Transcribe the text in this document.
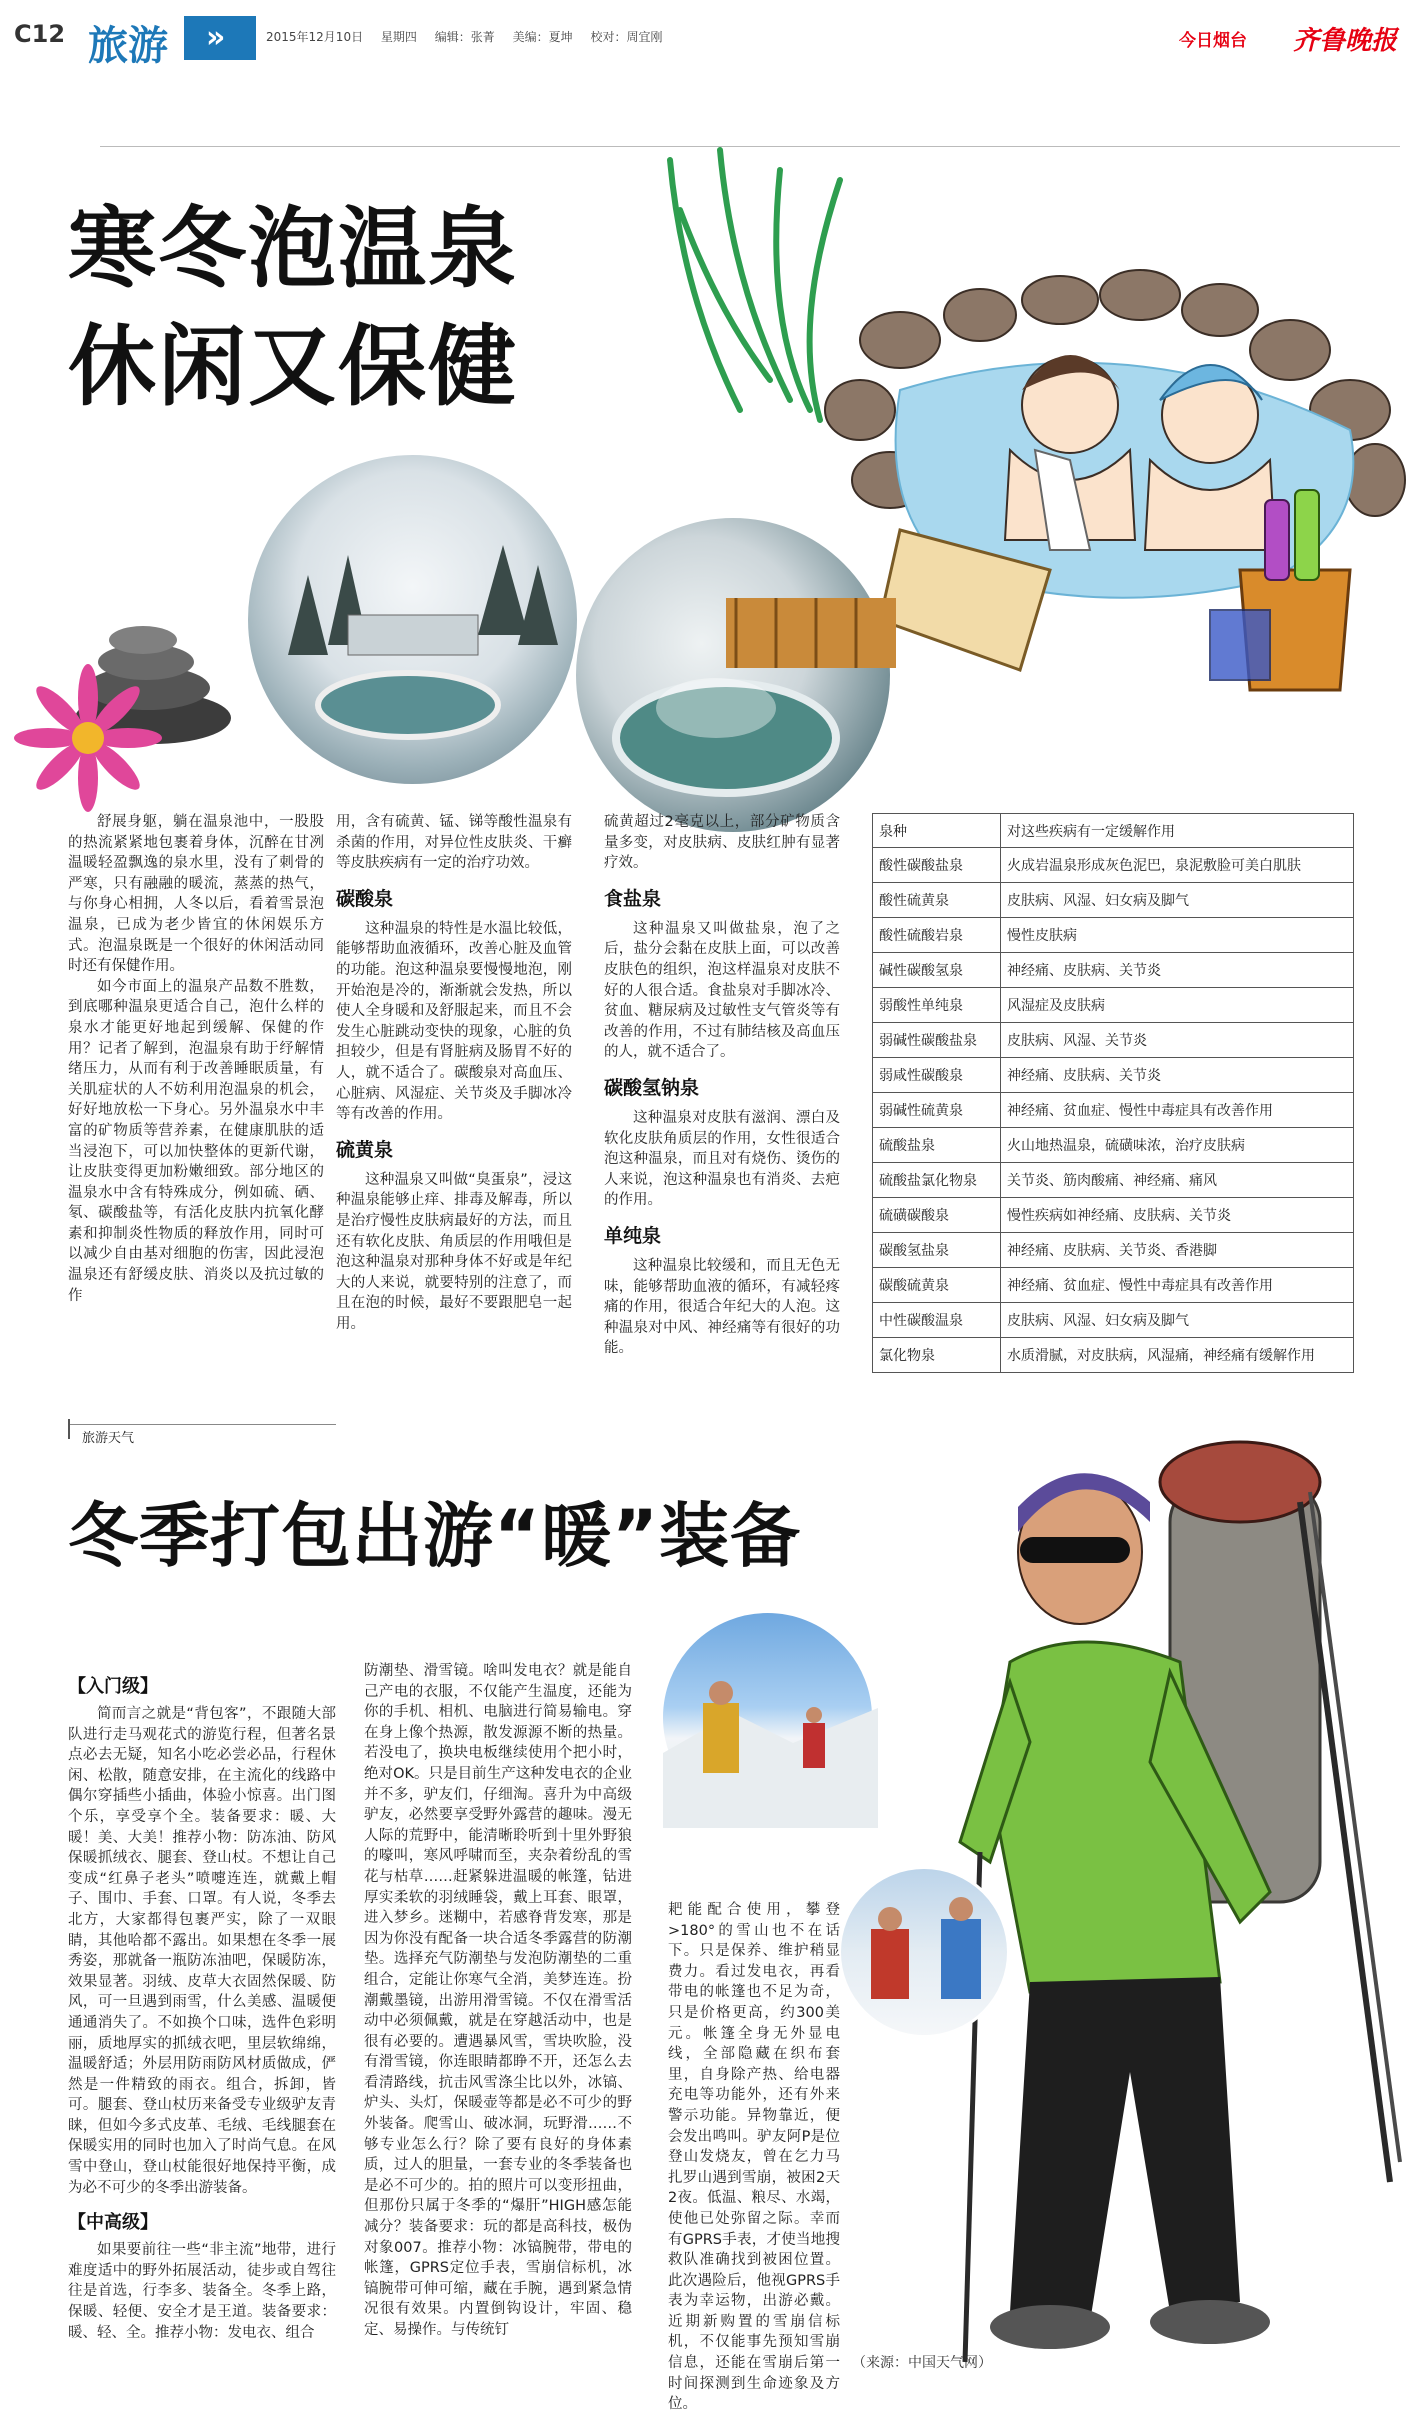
C12 旅游 »	2015年12月10日 星期四 编辑：张菁 美编：夏坤 校对：周宜刚	今日烟台 齐鲁晚报
寒冬泡温泉
休闲又保健

舒展身躯，躺在温泉池中，一股股的热流紧紧地包裹着身体，沉醉在甘冽温暖轻盈飘逸的泉水里，没有了刺骨的严寒，只有融融的暖流，蒸蒸的热气，与你身心相拥，人冬以后，看着雪景泡温泉，已成为老少皆宜的休闲娱乐方式。泡温泉既是一个很好的休闲活动同时还有保健作用。

如今市面上的温泉产品数不胜数，到底哪种温泉更适合自己，泡什么样的泉水才能更好地起到缓解、保健的作用？记者了解到，泡温泉有助于纾解情绪压力，从而有利于改善睡眠质量，有关肌症状的人不妨利用泡温泉的机会，好好地放松一下身心。另外温泉水中丰富的矿物质等营养素，在健康肌肤的适当浸泡下，可以加快整体的更新代谢，让皮肤变得更加粉嫩细致。部分地区的温泉水中含有特殊成分，例如硫、硒、氡、碳酸盐等，有活化皮肤内抗氧化酵素和抑制炎性物质的释放作用，同时可以减少自由基对细胞的伤害，因此浸泡温泉还有舒缓皮肤、消炎以及抗过敏的作

用，含有硫黄、锰、锑等酸性温泉有杀菌的作用，对异位性皮肤炎、干癣等皮肤疾病有一定的治疗功效。

碳酸泉

这种温泉的特性是水温比较低，能够帮助血液循环，改善心脏及血管的功能。泡这种温泉要慢慢地泡，刚开始泡是冷的，渐渐就会发热，所以使人全身暖和及舒服起来，而且不会发生心脏跳动变快的现象，心脏的负担较少，但是有肾脏病及肠胃不好的人，就不适合了。碳酸泉对高血压、心脏病、风湿症、关节炎及手脚冰冷等有改善的作用。

硫黄泉

这种温泉又叫做“臭蛋泉”，浸这种温泉能够止痒、排毒及解毒，所以是治疗慢性皮肤病最好的方法，而且还有软化皮肤、角质层的作用哦但是泡这种温泉对那种身体不好或是年纪大的人来说，就要特别的注意了，而且在泡的时候，最好不要跟肥皂一起用。

硫黄超过2毫克以上，部分矿物质含量多变，对皮肤病、皮肤红肿有显著疗效。

食盐泉

这种温泉又叫做盐泉，泡了之后，盐分会黏在皮肤上面，可以改善皮肤色的组织，泡这样温泉对皮肤不好的人很合适。食盐泉对手脚冰冷、贫血、糖尿病及过敏性支气管炎等有改善的作用，不过有肺结核及高血压的人，就不适合了。

碳酸氢钠泉

这种温泉对皮肤有滋润、漂白及软化皮肤角质层的作用，女性很适合泡这种温泉，而且对有烧伤、烫伤的人来说，泡这种温泉也有消炎、去疤的作用。

单纯泉

这种温泉比较缓和，而且无色无味，能够帮助血液的循环，有减轻疼痛的作用，很适合年纪大的人泡。这种温泉对中风、神经痛等有很好的功能。

泉种	对这些疾病有一定缓解作用
酸性碳酸盐泉	火成岩温泉形成灰色泥巴，泉泥敷脸可美白肌肤
酸性硫黄泉	皮肤病、风湿、妇女病及脚气
酸性硫酸岩泉	慢性皮肤病
碱性碳酸氢泉	神经痛、皮肤病、关节炎
弱酸性单纯泉	风湿症及皮肤病
弱碱性碳酸盐泉	皮肤病、风湿、关节炎
弱咸性碳酸泉	神经痛、皮肤病、关节炎
弱碱性硫黄泉	神经痛、贫血症、慢性中毒症具有改善作用
硫酸盐泉	火山地热温泉，硫磺味浓，治疗皮肤病
硫酸盐氯化物泉	关节炎、筋肉酸痛、神经痛、痛风
硫磺碳酸泉	慢性疾病如神经痛、皮肤病、关节炎
碳酸氢盐泉	神经痛、皮肤病、关节炎、香港脚
碳酸硫黄泉	神经痛、贫血症、慢性中毒症具有改善作用
中性碳酸温泉	皮肤病、风湿、妇女病及脚气
氯化物泉	水质滑腻，对皮肤病，风湿痛，神经痛有缓解作用
旅游天气
冬季打包出游“暖”装备

【入门级】

简而言之就是“背包客”，不跟随大部队进行走马观花式的游览行程，但著名景点必去无疑，知名小吃必尝必品，行程休闲、松散，随意安排，在主流化的线路中偶尔穿插些小插曲，体验小惊喜。出门图个乐，享受享个全。装备要求：暖、大暖！美、大美！推荐小物：防冻油、防风保暖抓绒衣、腿套、登山杖。不想让自己变成“红鼻子老头”喷嚏连连，就戴上帽子、围巾、手套、口罩。有人说，冬季去北方，大家都得包裹严实，除了一双眼睛，其他哈都不露出。如果想在冬季一展秀姿，那就备一瓶防冻油吧，保暖防冻，效果显著。羽绒、皮草大衣固然保暖、防风，可一旦遇到雨雪，什么美感、温暖便通通消失了。不如换个口味，选件色彩明丽，质地厚实的抓绒衣吧，里层软绵绵，温暖舒适；外层用防雨防风材质做成，俨然是一件精致的雨衣。组合，拆卸，皆可。腿套、登山杖历来备受专业级驴友青睐，但如今多式皮革、毛绒、毛线腿套在保暖实用的同时也加入了时尚气息。在风雪中登山，登山杖能很好地保持平衡，成为必不可少的冬季出游装备。

【中高级】

如果要前往一些“非主流”地带，进行难度适中的野外拓展活动，徒步或自驾往往是首选，行李多、装备全。冬季上路，保暖、轻便、安全才是王道。装备要求：暖、轻、全。推荐小物：发电衣、组合

防潮垫、滑雪镜。啥叫发电衣？就是能自己产电的衣服，不仅能产生温度，还能为你的手机、相机、电脑进行简易输电。穿在身上像个热源，散发源源不断的热量。若没电了，换块电板继续使用个把小时，绝对OK。只是目前生产这种发电衣的企业并不多，驴友们，仔细淘。喜升为中高级驴友，必然要享受野外露营的趣味。漫无人际的荒野中，能清晰聆听到十里外野狼的嚎叫，寒风呼啸而至，夹杂着纷乱的雪花与枯草……赶紧躲进温暖的帐篷，钻进厚实柔软的羽绒睡袋，戴上耳套、眼罩，进入梦乡。迷糊中，若感脊背发寒，那是因为你没有配备一块合适冬季露营的防潮垫。选择充气防潮垫与发泡防潮垫的二重组合，定能让你寒气全消，美梦连连。扮潮戴墨镜，出游用滑雪镜。不仅在滑雪活动中必须佩戴，就是在穿越活动中，也是很有必要的。遭遇暴风雪，雪块吹脸，没有滑雪镜，你连眼睛都睁不开，还怎么去看清路线，抗击风雪涤尘比以外，冰镐、炉头、头灯，保暖壶等都是必不可少的野外装备。爬雪山、破冰洞，玩野滑……不够专业怎么行？除了要有良好的身体素质，过人的胆量，一套专业的冬季装备也是必不可少的。拍的照片可以变形扭曲，但那份只属于冬季的“爆肝”HIGH感怎能减分？装备要求：玩的都是高科技，极伪对象007。推荐小物：冰镐腕带，带电的帐篷，GPRS定位手表，雪崩信标机，冰镐腕带可伸可缩，藏在手腕，遇到紧急情况很有效果。内置倒钩设计，牢固、稳定、易操作。与传统钉

耙能配合使用，攀登>180°的雪山也不在话下。只是保养、维护稍显费力。看过发电衣，再看带电的帐篷也不足为奇，只是价格更高，约300美元。帐篷全身无外显电线，全部隐藏在织布套里，自身除产热、给电器充电等功能外，还有外来警示功能。异物靠近，便会发出鸣叫。驴友阿P是位登山发烧友，曾在乞力马扎罗山遇到雪崩，被困2天2夜。低温、粮尽、水竭，使他已处弥留之际。幸而有GPRS手表，才使当地搜救队准确找到被困位置。此次遇险后，他视GPRS手表为幸运物，出游必戴。近期新购置的雪崩信标机，不仅能事先预知雪崩信息，还能在雪崩后第一时间探测到生命迹象及方位。

（来源：中国天气网）
